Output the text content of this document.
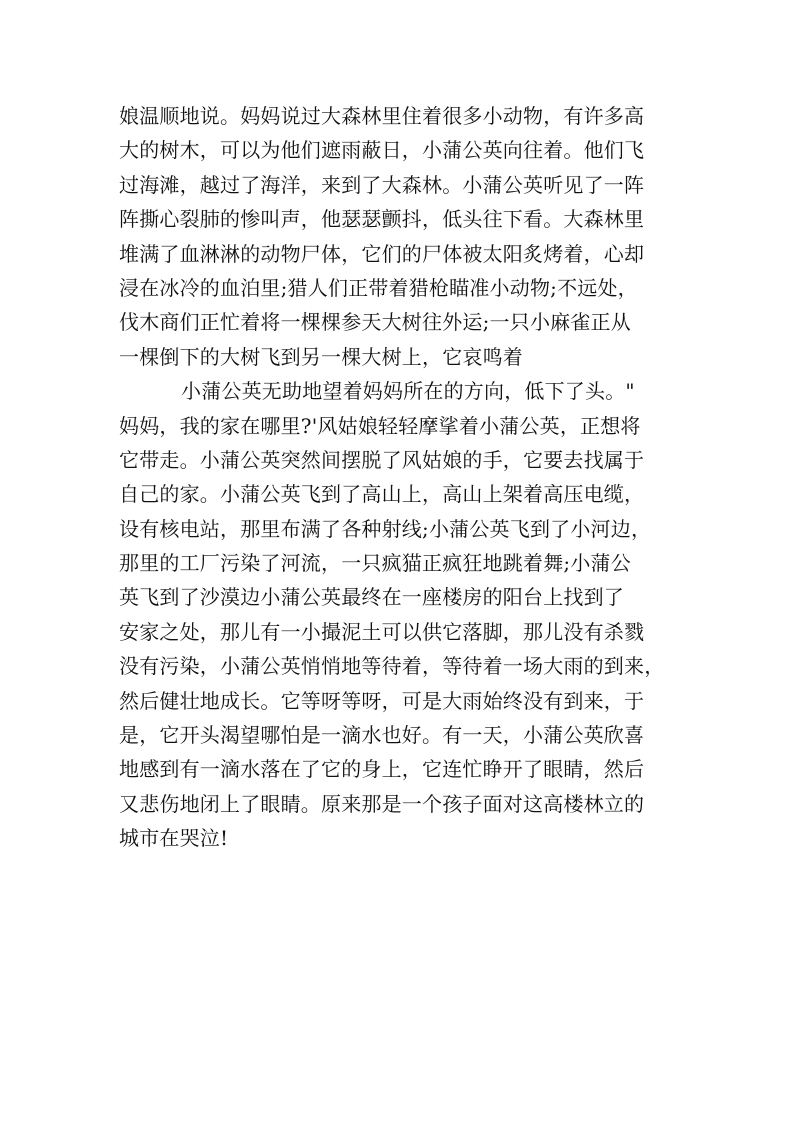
娘温顺地说。妈妈说过大森林里住着很多小动物，有许多高
大的树木，可以为他们遮雨蔽日，小蒲公英向往着。他们飞
过海滩，越过了海洋，来到了大森林。小蒲公英听见了一阵
阵撕心裂肺的惨叫声，他瑟瑟颤抖，低头往下看。大森林里
堆满了血淋淋的动物尸体，它们的尸体被太阳炙烤着，心却
浸在冰冷的血泊里;猎人们正带着猎枪瞄准小动物;不远处，
伐木商们正忙着将一棵棵参天大树往外运;一只小麻雀正从
一棵倒下的大树飞到另一棵大树上，它哀鸣着
小蒲公英无助地望着妈妈所在的方向，低下了头。"
妈妈，我的家在哪里?'风姑娘轻轻摩挲着小蒲公英，正想将
它带走。小蒲公英突然间摆脱了风姑娘的手，它要去找属于
自己的家。小蒲公英飞到了高山上，高山上架着高压电缆，
设有核电站，那里布满了各种射线;小蒲公英飞到了小河边，
那里的工厂污染了河流，一只疯猫正疯狂地跳着舞;小蒲公
英飞到了沙漠边小蒲公英最终在一座楼房的阳台上找到了
安家之处，那儿有一小撮泥土可以供它落脚，那儿没有杀戮
没有污染，小蒲公英悄悄地等待着，等待着一场大雨的到来，
然后健壮地成长。它等呀等呀，可是大雨始终没有到来，于
是，它开头渴望哪怕是一滴水也好。有一天，小蒲公英欣喜
地感到有一滴水落在了它的身上，它连忙睁开了眼睛，然后
又悲伤地闭上了眼睛。原来那是一个孩子面对这高楼林立的
城市在哭泣!
